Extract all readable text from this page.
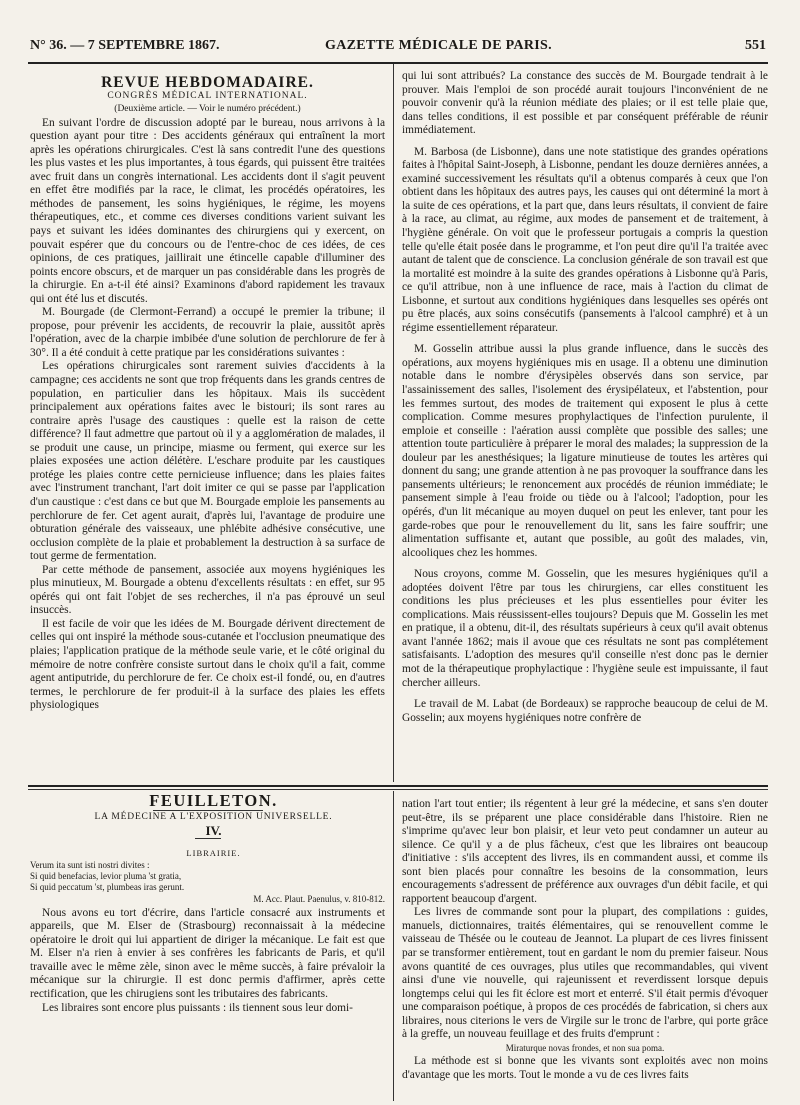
N° 36. — 7 SEPTEMBRE 1867.	GAZETTE MÉDICALE DE PARIS.	551

REVUE HEBDOMADAIRE.

CONGRÈS MÉDICAL INTERNATIONAL.

(Deuxième article. — Voir le numéro précédent.)

En suivant l'ordre de discussion adopté par le bureau, nous arrivons à la question ayant pour titre : Des accidents généraux qui entraînent la mort après les opérations chirurgicales. C'est là sans contredit l'une des questions les plus vastes et les plus importantes, à tous égards, qui puissent être traitées avec fruit dans un congrès international. Les accidents dont il s'agit peuvent en effet être modifiés par la race, le climat, les procédés opératoires, les méthodes de pansement, les soins hygiéniques, le régime, les moyens thérapeutiques, etc., et comme ces diverses conditions varient suivant les pays et suivant les idées dominantes des chirurgiens qui y exercent, on pouvait espérer que du concours ou de l'entre-choc de ces idées, de ces opinions, de ces pratiques, jaillirait une étincelle capable d'illuminer des points encore obscurs, et de marquer un pas considérable dans les progrès de la chirurgie. En a-t-il été ainsi? Examinons d'abord rapidement les travaux qui ont été lus et discutés.

M. Bourgade (de Clermont-Ferrand) a occupé le premier la tribune; il propose, pour prévenir les accidents, de recouvrir la plaie, aussitôt après l'opération, avec de la charpie imbibée d'une solution de perchlorure de fer à 30°. Il a été conduit à cette pratique par les considérations suivantes :

Les opérations chirurgicales sont rarement suivies d'accidents à la campagne; ces accidents ne sont que trop fréquents dans les grands centres de population, en particulier dans les hôpitaux. Mais ils succèdent principalement aux opérations faites avec le bistouri; ils sont rares au contraire après l'usage des caustiques : quelle est la raison de cette différence? Il faut admettre que partout où il y a agglomération de malades, il se produit une cause, un principe, miasme ou ferment, qui exerce sur les plaies exposées une action délétère. L'eschare produite par les caustiques protége les plaies contre cette pernicieuse influence; dans les plaies faites avec l'instrument tranchant, l'art doit imiter ce qui se passe par l'application d'un caustique : c'est dans ce but que M. Bourgade emploie les pansements au perchlorure de fer. Cet agent aurait, d'après lui, l'avantage de produire une obturation générale des vaisseaux, une phlébite adhésive consécutive, une occlusion complète de la plaie et probablement la destruction à sa surface de tout germe de fermentation.

Par cette méthode de pansement, associée aux moyens hygiéniques les plus minutieux, M. Bourgade a obtenu d'excellents résultats : en effet, sur 95 opérés qui ont fait l'objet de ses recherches, il n'a pas éprouvé un seul insuccès.

Il est facile de voir que les idées de M. Bourgade dérivent directement de celles qui ont inspiré la méthode sous-cutanée et l'occlusion pneumatique des plaies; l'application pratique de la méthode seule varie, et le côté original du mémoire de notre confrère consiste surtout dans le choix qu'il a fait, comme agent antiputride, du perchlorure de fer. Ce choix est-il fondé, ou, en d'autres termes, le perchlorure de fer produit-il à la surface des plaies les effets physiologiques

qui lui sont attribués? La constance des succès de M. Bourgade tendrait à le prouver. Mais l'emploi de son procédé aurait toujours l'inconvénient de ne pouvoir convenir qu'à la réunion médiate des plaies; or il est telle plaie que, dans telles conditions, il est possible et par conséquent préférable de réunir immédiatement.

M. Barbosa (de Lisbonne), dans une note statistique des grandes opérations faites à l'hôpital Saint-Joseph, à Lisbonne, pendant les douze dernières années, a examiné successivement les résultats qu'il a obtenus comparés à ceux que l'on obtient dans les hôpitaux des autres pays, les causes qui ont déterminé la mort à la suite de ces opérations, et la part que, dans leurs résultats, il convient de faire à la race, au climat, au régime, aux modes de pansement et de traitement, à l'hygiène générale. On voit que le professeur portugais a compris la question telle qu'elle était posée dans le programme, et l'on peut dire qu'il l'a traitée avec autant de talent que de conscience. La conclusion générale de son travail est que la mortalité est moindre à la suite des grandes opérations à Lisbonne qu'à Paris, ce qu'il attribue, non à une influence de race, mais à l'action du climat de Lisbonne, et surtout aux conditions hygiéniques dans lesquelles ses opérés ont pu être placés, aux soins consécutifs (pansements à l'alcool camphré) et à un régime essentiellement réparateur.

M. Gosselin attribue aussi la plus grande influence, dans le succès des opérations, aux moyens hygiéniques mis en usage. Il a obtenu une diminution notable dans le nombre d'érysipèles observés dans son service, par l'assainissement des salles, l'isolement des érysipélateux, et l'abstention, pour les femmes surtout, des modes de traitement qui exposent le plus à cette complication. Comme mesures prophylactiques de l'infection purulente, il emploie et conseille : l'aération aussi complète que possible des salles; une attention toute particulière à préparer le moral des malades; la suppression de la douleur par les anesthésiques; la ligature minutieuse de toutes les artères qui donnent du sang; une grande attention à ne pas provoquer la souffrance dans les pansements ultérieurs; le renoncement aux procédés de réunion immédiate; le pansement simple à l'eau froide ou tiède ou à l'alcool; l'adoption, pour les opérés, d'un lit mécanique au moyen duquel on peut les enlever, tant pour les garde-robes que pour le renouvellement du lit, sans les faire souffrir; une alimentation suffisante et, autant que possible, au goût des malades, vin, alcooliques chez les hommes.

Nous croyons, comme M. Gosselin, que les mesures hygiéniques qu'il a adoptées doivent l'être par tous les chirurgiens, car elles constituent les conditions les plus précieuses et les plus essentielles pour éviter les complications. Mais réussissent-elles toujours? Depuis que M. Gosselin les met en pratique, il a obtenu, dit-il, des résultats supérieurs à ceux qu'il avait obtenus avant l'année 1862; mais il avoue que ces résultats ne sont pas complétement satisfaisants. L'adoption des mesures qu'il conseille n'est donc pas le dernier mot de la thérapeutique prophylactique : l'hygiène seule est impuissante, il faut chercher ailleurs.

Le travail de M. Labat (de Bordeaux) se rapproche beaucoup de celui de M. Gosselin; aux moyens hygiéniques notre confrère de

FEUILLETON.

LA MÉDECINE A L'EXPOSITION UNIVERSELLE.

IV.

LIBRAIRIE.

Verum ita sunt isti nostri divites :

Si quid benefacias, levior pluma 'st gratia,

Si quid peccatum 'st, plumbeas iras gerunt.

M. Acc. Plaut. Paenulus, v. 810-812.

Nous avons eu tort d'écrire, dans l'article consacré aux instruments et appareils, que M. Elser de (Strasbourg) reconnaissait à la médecine opératoire le droit qui lui appartient de diriger la mécanique. Le fait est que M. Elser n'a rien à envier à ses confrères les fabricants de Paris, et qu'il travaille avec le même zèle, sinon avec le même succès, à faire prévaloir la mécanique sur la chirurgie. Il est donc permis d'affirmer, après cette rectification, que les chirugiens sont les tributaires des fabricants.

Les libraires sont encore plus puissants : ils tiennent sous leur domi-

nation l'art tout entier; ils régentent à leur gré la médecine, et sans s'en douter peut-être, ils se préparent une place considérable dans l'histoire. Rien ne s'imprime qu'avec leur bon plaisir, et leur veto peut condamner un auteur au silence. Ce qu'il y a de plus fâcheux, c'est que les libraires ont beaucoup d'initiative : s'ils acceptent des livres, ils en commandent aussi, et comme ils sont bien placés pour connaître les besoins de la consommation, leurs encouragements s'adressent de préférence aux ouvrages d'un débit facile, et qui rapportent beaucoup d'argent.

Les livres de commande sont pour la plupart, des compilations : guides, manuels, dictionnaires, traités élémentaires, qui se renouvellent comme le vaisseau de Thésée ou le couteau de Jeannot. La plupart de ces livres finissent par se transformer entièrement, tout en gardant le nom du premier faiseur. Nous avons quantité de ces ouvrages, plus utiles que recommandables, qui vivent ainsi d'une vie nouvelle, qui rajeunissent et reverdissent lorsque depuis longtemps celui qui les fit éclore est mort et enterré. S'il était permis d'évoquer une comparaison poétique, à propos de ces procédés de fabrication, si chers aux libraires, nous citerions le vers de Virgile sur le tronc de l'arbre, qui porte grâce à la greffe, un nouveau feuillage et des fruits d'emprunt :

Miraturque novas frondes, et non sua poma.

La méthode est si bonne que les vivants sont exploités avec non moins d'avantage que les morts. Tout le monde a vu de ces livres faits
